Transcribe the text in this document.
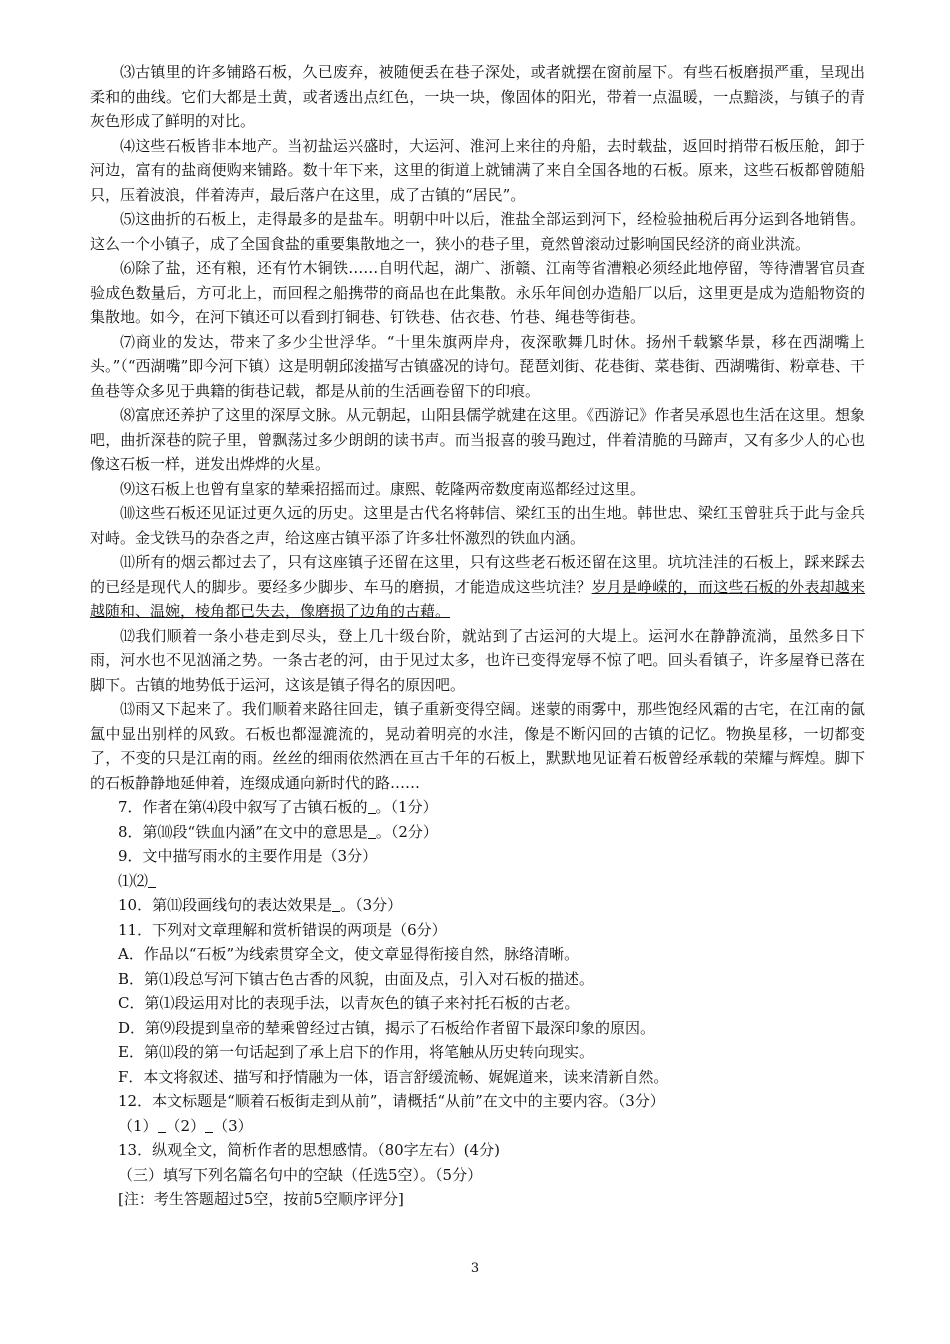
⑶古镇里的许多铺路石板，久已废弃，被随便丢在巷子深处，或者就摆在窗前屋下。有些石板磨损严重，呈现出柔和的曲线。它们大都是土黄，或者透出点红色，一块一块，像固体的阳光，带着一点温暖，一点黯淡，与镇子的青灰色形成了鲜明的对比。

⑷这些石板皆非本地产。当初盐运兴盛时，大运河、淮河上来往的舟船，去时载盐，返回时捎带石板压舱，卸于河边，富有的盐商便购来铺路。数十年下来，这里的街道上就铺满了来自全国各地的石板。原来，这些石板都曾随船只，压着波浪，伴着涛声，最后落户在这里，成了古镇的“居民”。

⑸这曲折的石板上，走得最多的是盐车。明朝中叶以后，淮盐全部运到河下，经检验抽税后再分运到各地销售。这么一个小镇子，成了全国食盐的重要集散地之一，狭小的巷子里，竟然曾滚动过影响国民经济的商业洪流。

⑹除了盐，还有粮，还有竹木铜铁……自明代起，湖广、浙赣、江南等省漕粮必须经此地停留，等待漕署官员查验成色数量后，方可北上，而回程之船携带的商品也在此集散。永乐年间创办造船厂以后，这里更是成为造船物资的集散地。如今，在河下镇还可以看到打铜巷、钉铁巷、估衣巷、竹巷、绳巷等街巷。

⑺商业的发达，带来了多少尘世浮华。“十里朱旗两岸舟，夜深歌舞几时休。扬州千载繁华景，移在西湖嘴上头。”（“西湖嘴”即今河下镇）这是明朝邱浚描写古镇盛况的诗句。琵琶刘街、花巷街、菜巷街、西湖嘴街、粉章巷、干鱼巷等众多见于典籍的街巷记载，都是从前的生活画卷留下的印痕。

⑻富庶还养护了这里的深厚文脉。从元朝起，山阳县儒学就建在这里。《西游记》作者吴承恩也生活在这里。想象吧，曲折深巷的院子里，曾飘荡过多少朗朗的读书声。而当报喜的骏马跑过，伴着清脆的马蹄声，又有多少人的心也像这石板一样，迸发出烨烨的火星。

⑼这石板上也曾有皇家的辇乘招摇而过。康熙、乾隆两帝数度南巡都经过这里。

⑽这些石板还见证过更久远的历史。这里是古代名将韩信、梁红玉的出生地。韩世忠、梁红玉曾驻兵于此与金兵对峙。金戈铁马的杂沓之声，给这座古镇平添了许多壮怀激烈的铁血内涵。

⑾所有的烟云都过去了，只有这座镇子还留在这里，只有这些老石板还留在这里。坑坑洼洼的石板上，踩来踩去的已经是现代人的脚步。要经多少脚步、车马的磨损，才能造成这些坑洼？岁月是峥嵘的，而这些石板的外表却越来越随和、温婉，棱角都已失去，像磨损了边角的古藉。

⑿我们顺着一条小巷走到尽头，登上几十级台阶，就站到了古运河的大堤上。运河水在静静流淌，虽然多日下雨，河水也不见汹涌之势。一条古老的河，由于见过太多，也许已变得宠辱不惊了吧。回头看镇子，许多屋脊已落在脚下。古镇的地势低于运河，这该是镇子得名的原因吧。

⒀雨又下起来了。我们顺着来路往回走，镇子重新变得空阔。迷蒙的雨雾中，那些饱经风霜的古宅，在江南的氤氲中显出别样的风致。石板也都湿漉流的，晃动着明亮的水洼，像是不断闪回的古镇的记忆。物换星移，一切都变了，不变的只是江南的雨。丝丝的细雨依然洒在亘古千年的石板上，默默地见证着石板曾经承载的荣耀与辉煌。脚下的石板静静地延伸着，连缀成通向新时代的路……

7．作者在第⑷段中叙写了古镇石板的 。（1分）

8．第⑽段“铁血内涵”在文中的意思是 。（2分）

9．文中描写雨水的主要作用是（3分）

⑴⑵

10．第⑾段画线句的表达效果是 。（3分）

11．下列对文章理解和赏析错误的两项是（6分）

A．作品以“石板”为线索贯穿全文，使文章显得衔接自然，脉络清晰。

B．第⑴段总写河下镇古色古香的风貌，由面及点，引入对石板的描述。

C．第⑴段运用对比的表现手法，以青灰色的镇子来衬托石板的古老。

D．第⑼段提到皇帝的辇乘曾经过古镇，揭示了石板给作者留下最深印象的原因。

E．第⑾段的第一句话起到了承上启下的作用，将笔触从历史转向现实。

F．本文将叙述、描写和抒情融为一体，语言舒缓流畅、娓娓道来，读来清新自然。

12．本文标题是“顺着石板街走到从前”，请概括“从前”在文中的主要内容。（3分）

（1） （2） （3）

13．纵观全文，简析作者的思想感情。（80字左右）(4分)

（三）填写下列名篇名句中的空缺（任选5空）。（5分）

[注：考生答题超过5空，按前5空顺序评分]

3
